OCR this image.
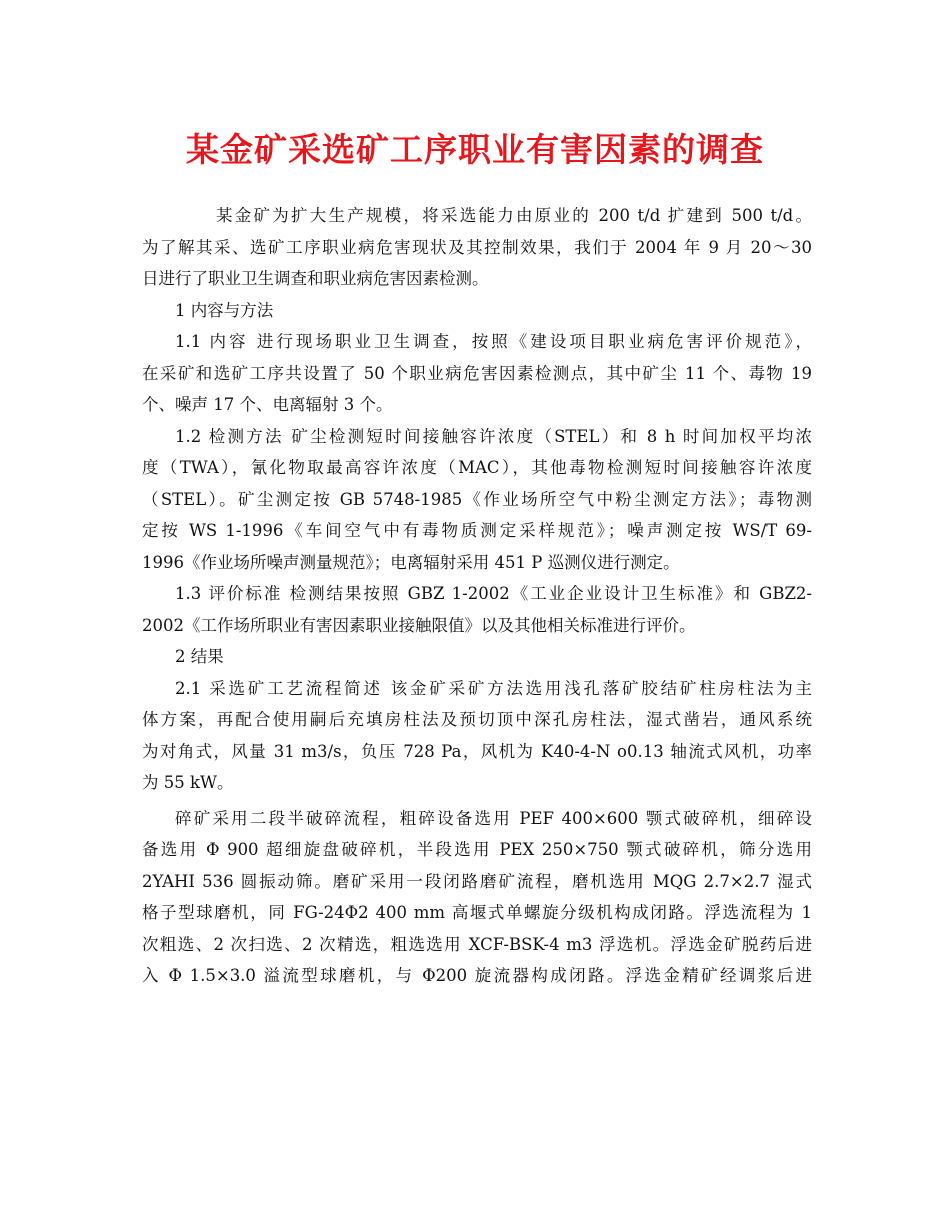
某金矿采选矿工序职业有害因素的调查
某金矿为扩大生产规模，将采选能力由原业的 200 t/d 扩建到 500 t/d。
为了解其采、选矿工序职业病危害现状及其控制效果，我们于 2004 年 9 月 20～30
日进行了职业卫生调查和职业病危害因素检测。
1 内容与方法
1.1 内容 进行现场职业卫生调查，按照《建设项目职业病危害评价规范》，
在采矿和选矿工序共设置了 50 个职业病危害因素检测点，其中矿尘 11 个、毒物 19
个、噪声 17 个、电离辐射 3 个。
1.2 检测方法 矿尘检测短时间接触容许浓度（STEL）和 8 h 时间加权平均浓
度（TWA），氰化物取最高容许浓度（MAC），其他毒物检测短时间接触容许浓度
（STEL）。矿尘测定按 GB 5748-1985《作业场所空气中粉尘测定方法》；毒物测
定按 WS 1-1996《车间空气中有毒物质测定采样规范》；噪声测定按 WS/T 69-
1996《作业场所噪声测量规范》；电离辐射采用 451 P 巡测仪进行测定。
1.3 评价标准 检测结果按照 GBZ 1-2002《工业企业设计卫生标准》和 GBZ2-
2002《工作场所职业有害因素职业接触限值》以及其他相关标准进行评价。
2 结果
2.1 采选矿工艺流程简述 该金矿采矿方法选用浅孔落矿胶结矿柱房柱法为主
体方案，再配合使用嗣后充填房柱法及预切顶中深孔房柱法，湿式凿岩，通风系统
为对角式，风量 31 m3/s，负压 728 Pa，风机为 K40-4-N o0.13 轴流式风机，功率
为 55 kW。
碎矿采用二段半破碎流程，粗碎设备选用 PEF 400×600 颚式破碎机，细碎设
备选用 Φ 900 超细旋盘破碎机，半段选用 PEX 250×750 颚式破碎机，筛分选用
2YAHI 536 圆振动筛。磨矿采用一段闭路磨矿流程，磨机选用 MQG 2.7×2.7 湿式
格子型球磨机，同 FG-24Φ2 400 mm 高堰式单螺旋分级机构成闭路。浮选流程为 1
次粗选、2 次扫选、2 次精选，粗选选用 XCF-BSK-4 m3 浮选机。浮选金矿脱药后进
入 Φ 1.5×3.0 溢流型球磨机，与 Φ200 旋流器构成闭路。浮选金精矿经调浆后进
